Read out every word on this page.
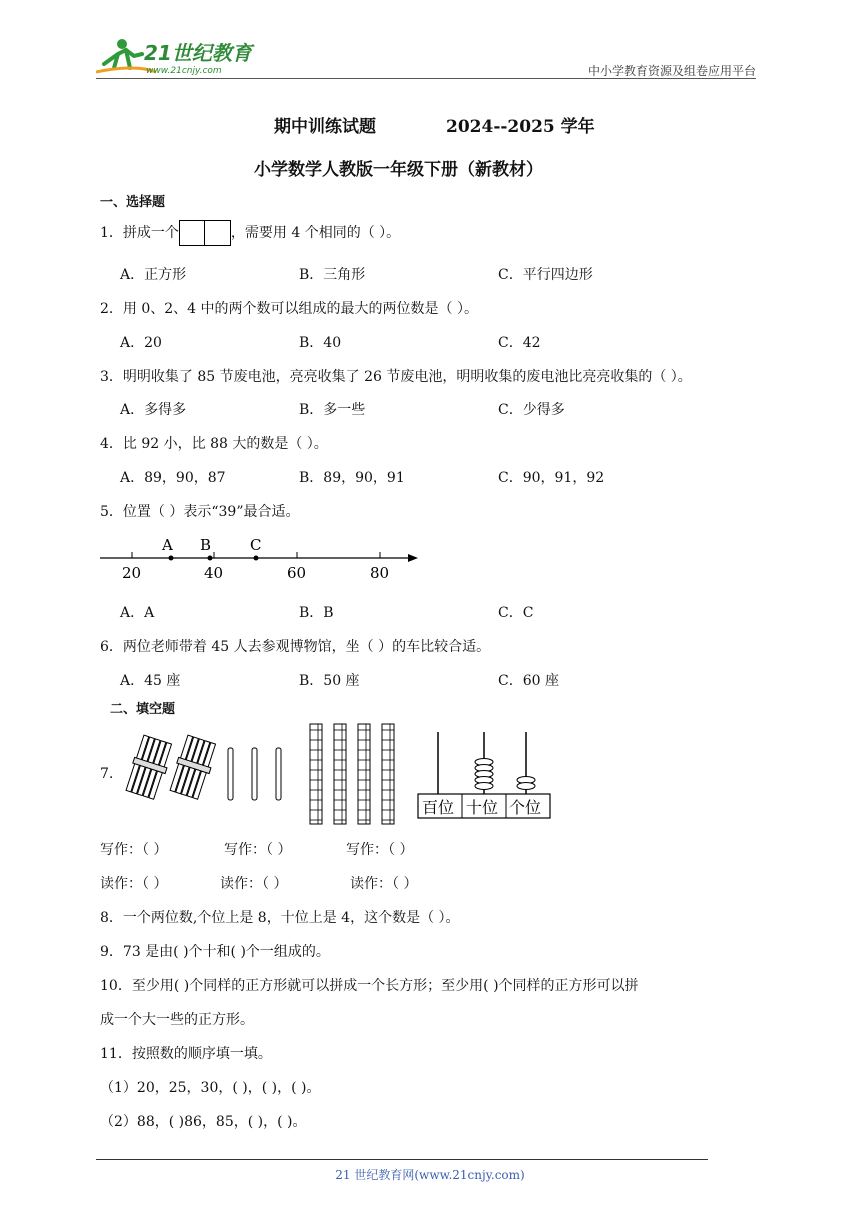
21世纪教育
www.21cnjy.com	中小学教育资源及组卷应用平台
期中训练试题	2024--2025 学年
小学数学人教版一年级下册（新教材）
一、选择题
1．拼成一个	，需要用 4 个相同的（ ）。
A．正方形	B．三角形	C．平行四边形
2．用 0、2、4 中的两个数可以组成的最大的两位数是（ ）。
A．20	B．40	C．42
3．明明收集了 85 节废电池，亮亮收集了 26 节废电池，明明收集的废电池比亮亮收集的（ ）。
A．多得多	B．多一些	C．少得多
4．比 92 小，比 88 大的数是（ ）。
A．89，90，87	B．89，90，91	C．90，91，92
5．位置（ ）表示“39”最合适。
A B	C
20	40	60	80
A．A	B．B	C．C
6．两位老师带着 45 人去参观博物馆，坐（ ）的车比较合适。
A．45 座	B．50 座	C．60 座
二、填空题
7.
百位 十位 个位
写作：（ ）	写作：（ ）	写作：（ ）
读作：（ ）	读作：（ ）	读作：（ ）
8．一个两位数,个位上是 8，十位上是 4，这个数是（ ）。
9．73 是由( )个十和( )个一组成的。
10．至少用( )个同样的正方形就可以拼成一个长方形；至少用( )个同样的正方形可以拼
成一个大一些的正方形。
11．按照数的顺序填一填。
（1）20，25，30，( )，( )，( )。
（2）88，( )86，85，( )，( )。
21 世纪教育网(www.21cnjy.com)
